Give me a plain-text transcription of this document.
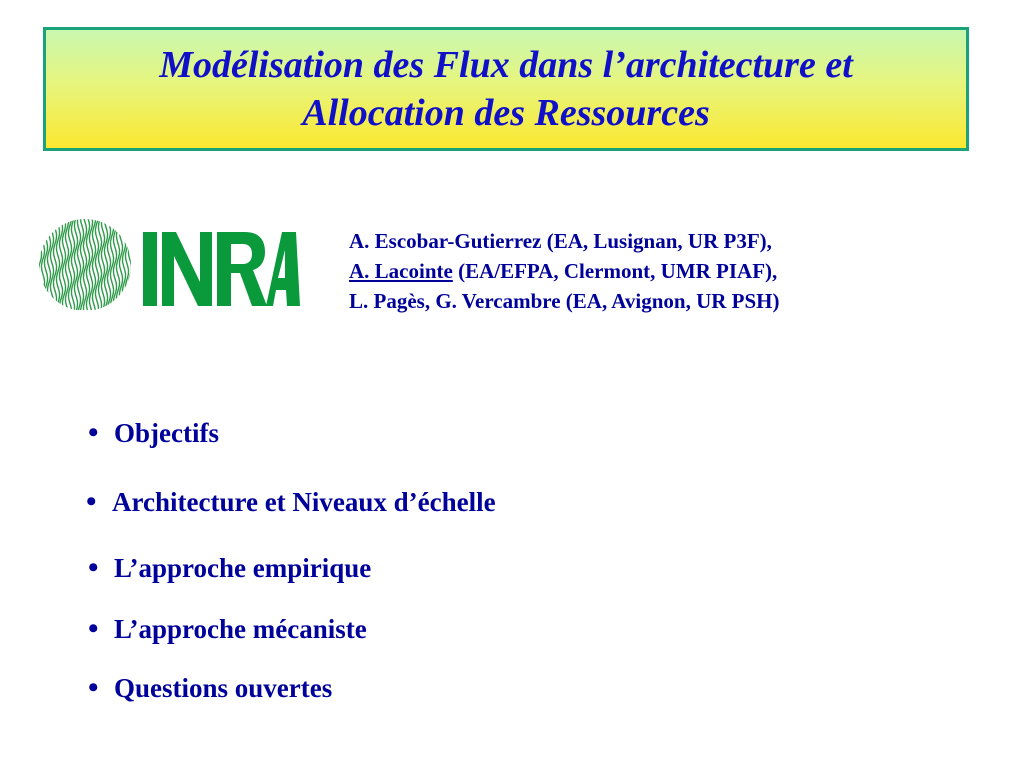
Modélisation des Flux dans l’architecture et
Allocation des Ressources
A. Escobar-Gutierrez (EA, Lusignan, UR P3F),
A. Lacointe (EA/EFPA, Clermont, UMR PIAF),
L. Pagès, G. Vercambre (EA, Avignon, UR PSH)
• Objectifs
• Architecture et Niveaux d’échelle
• L’approche empirique
• L’approche mécaniste
• Questions ouvertes
